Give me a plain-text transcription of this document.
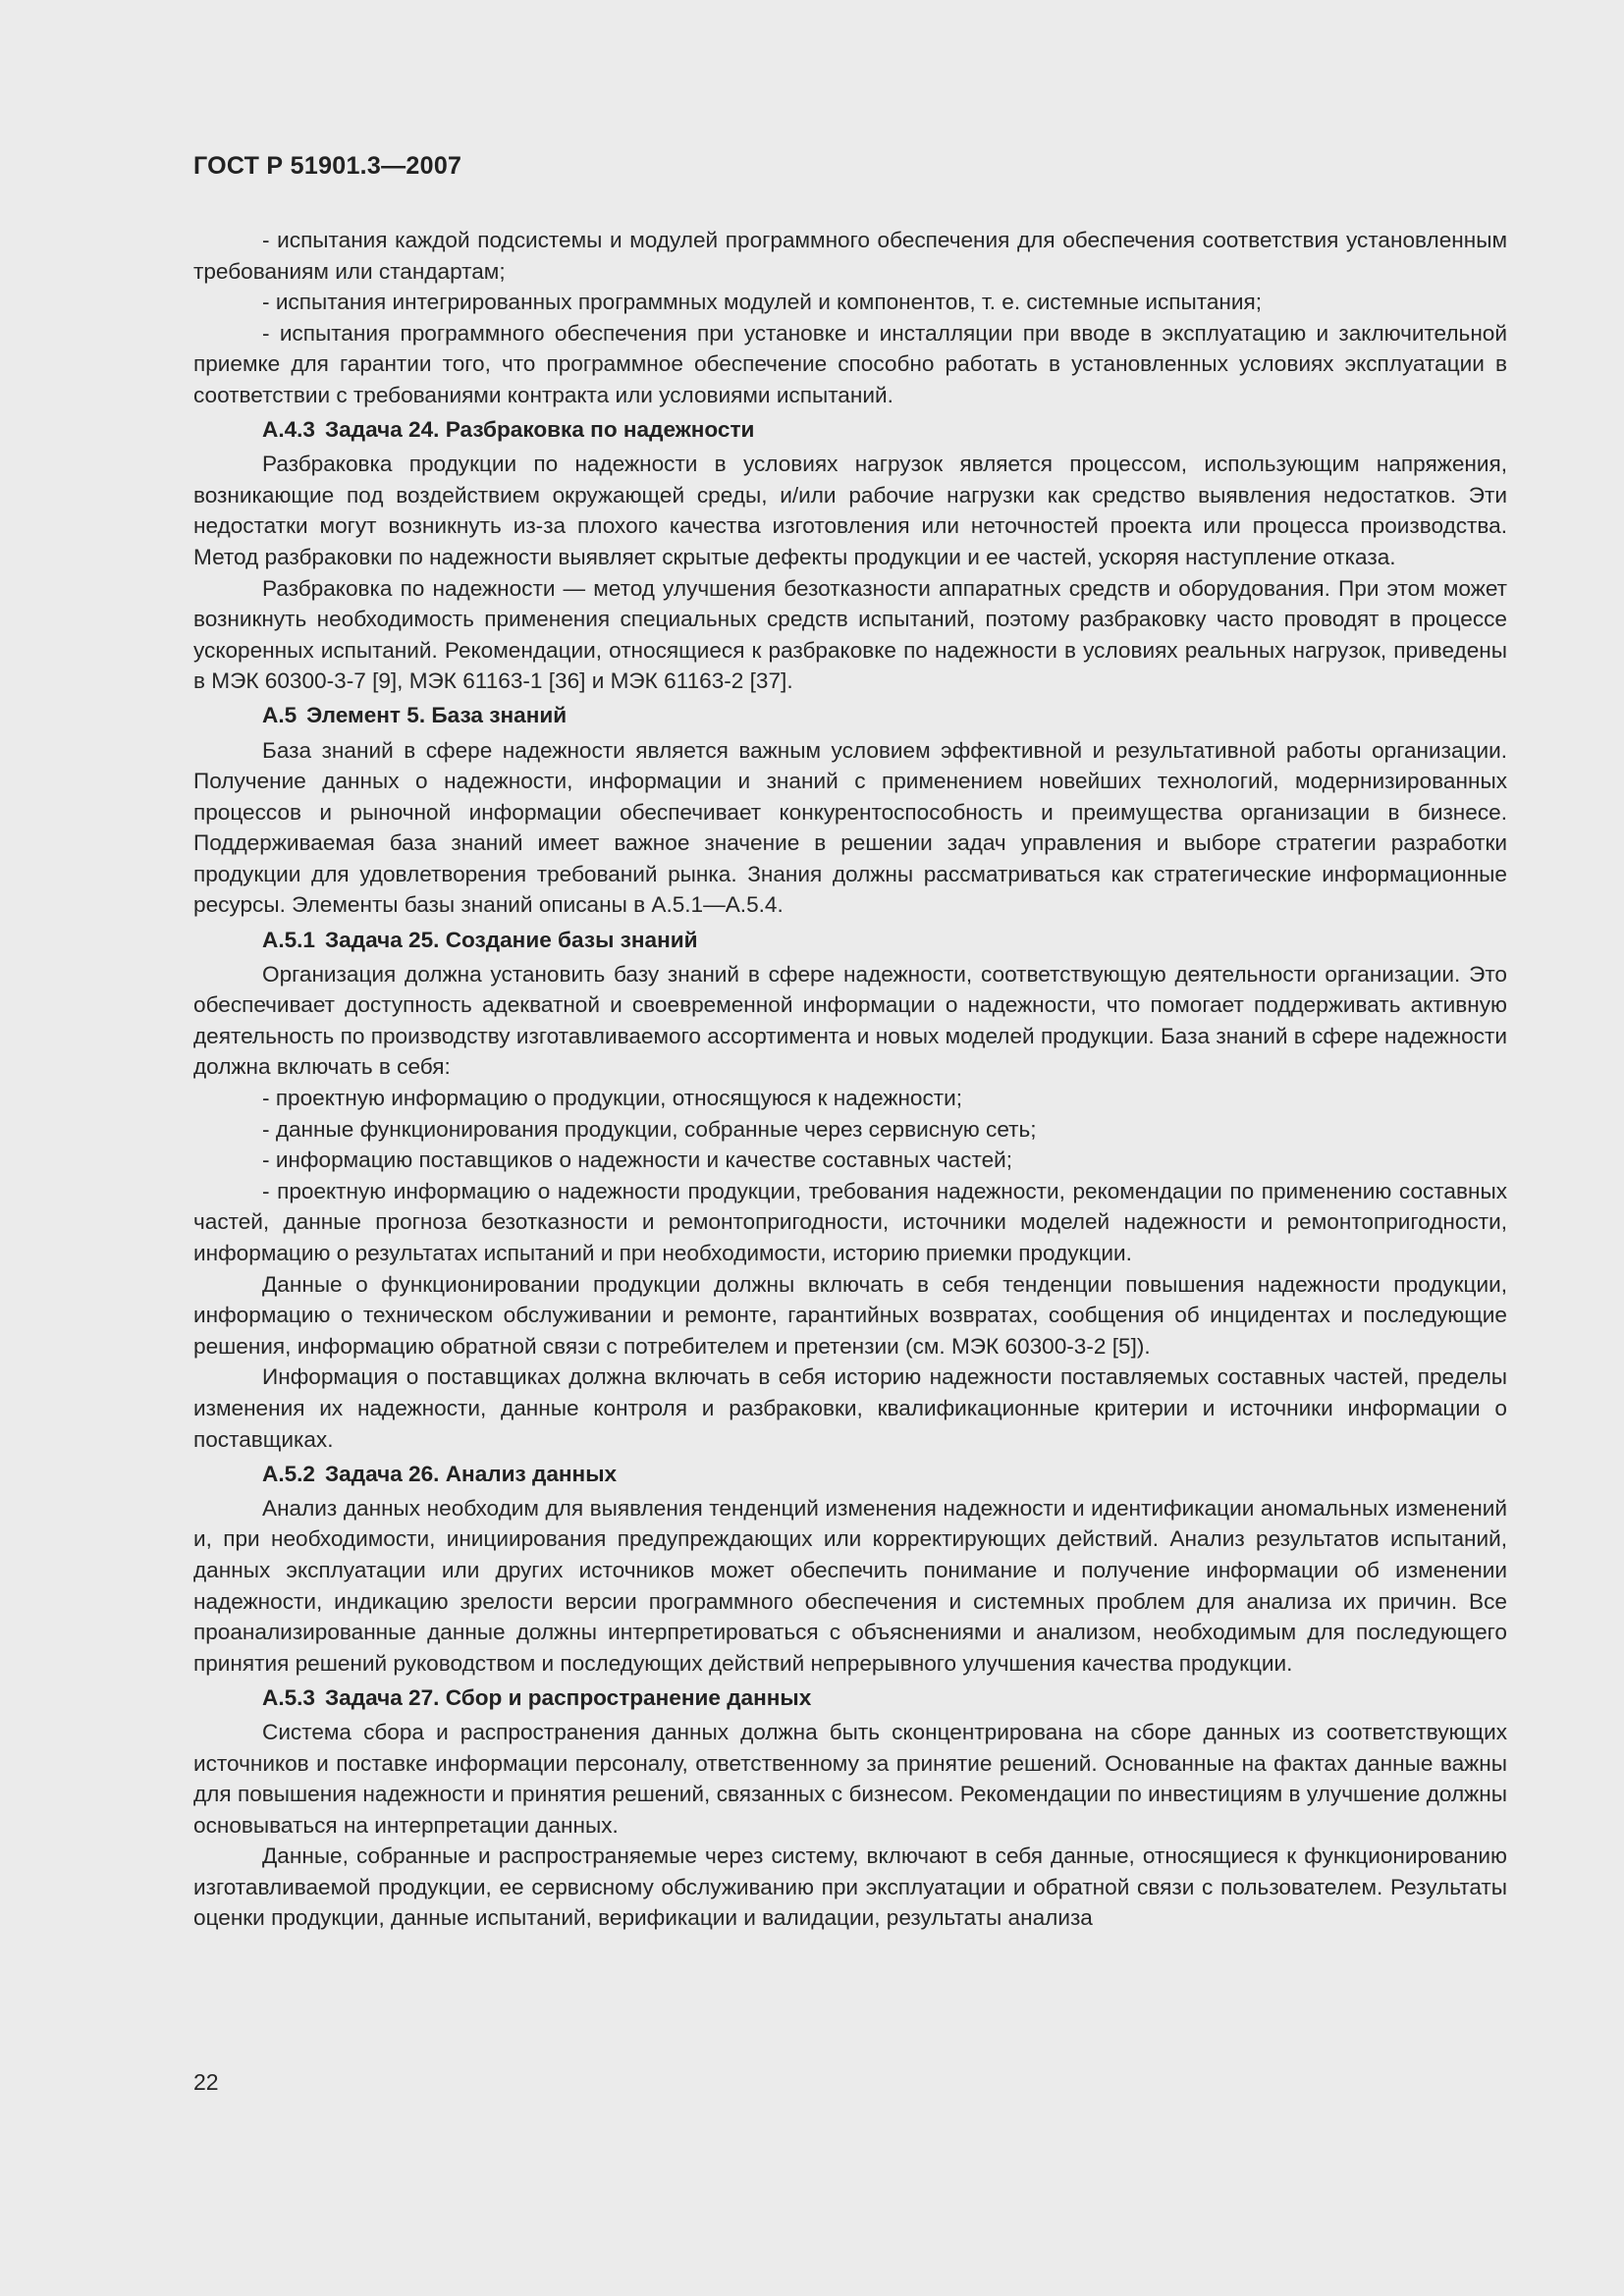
ГОСТ Р 51901.3—2007

- испытания каждой подсистемы и модулей программного обеспечения для обеспечения соответствия установленным требованиям или стандартам;

- испытания интегрированных программных модулей и компонентов, т. е. системные испытания;

- испытания программного обеспечения при установке и инсталляции при вводе в эксплуатацию и заключительной приемке для гарантии того, что программное обеспечение способно работать в установленных условиях эксплуатации в соответствии с требованиями контракта или условиями испытаний.

А.4.3 Задача 24. Разбраковка по надежности

Разбраковка продукции по надежности в условиях нагрузок является процессом, использующим напряжения, возникающие под воздействием окружающей среды, и/или рабочие нагрузки как средство выявления недостатков. Эти недостатки могут возникнуть из-за плохого качества изготовления или неточностей проекта или процесса производства. Метод разбраковки по надежности выявляет скрытые дефекты продукции и ее частей, ускоряя наступление отказа.

Разбраковка по надежности — метод улучшения безотказности аппаратных средств и оборудования. При этом может возникнуть необходимость применения специальных средств испытаний, поэтому разбраковку часто проводят в процессе ускоренных испытаний. Рекомендации, относящиеся к разбраковке по надежности в условиях реальных нагрузок, приведены в МЭК 60300-3-7 [9], МЭК 61163-1 [36] и МЭК 61163-2 [37].

А.5 Элемент 5. База знаний

База знаний в сфере надежности является важным условием эффективной и результативной работы организации. Получение данных о надежности, информации и знаний с применением новейших технологий, модернизированных процессов и рыночной информации обеспечивает конкурентоспособность и преимущества организации в бизнесе. Поддерживаемая база знаний имеет важное значение в решении задач управления и выборе стратегии разработки продукции для удовлетворения требований рынка. Знания должны рассматриваться как стратегические информационные ресурсы. Элементы базы знаний описаны в А.5.1—А.5.4.

А.5.1 Задача 25. Создание базы знаний

Организация должна установить базу знаний в сфере надежности, соответствующую деятельности организации. Это обеспечивает доступность адекватной и своевременной информации о надежности, что помогает поддерживать активную деятельность по производству изготавливаемого ассортимента и новых моделей продукции. База знаний в сфере надежности должна включать в себя:

- проектную информацию о продукции, относящуюся к надежности;

- данные функционирования продукции, собранные через сервисную сеть;

- информацию поставщиков о надежности и качестве составных частей;

- проектную информацию о надежности продукции, требования надежности, рекомендации по применению составных частей, данные прогноза безотказности и ремонтопригодности, источники моделей надежности и ремонтопригодности, информацию о результатах испытаний и при необходимости, историю приемки продукции.

Данные о функционировании продукции должны включать в себя тенденции повышения надежности продукции, информацию о техническом обслуживании и ремонте, гарантийных возвратах, сообщения об инцидентах и последующие решения, информацию обратной связи с потребителем и претензии (см. МЭК 60300-3-2 [5]).

Информация о поставщиках должна включать в себя историю надежности поставляемых составных частей, пределы изменения их надежности, данные контроля и разбраковки, квалификационные критерии и источники информации о поставщиках.

А.5.2 Задача 26. Анализ данных

Анализ данных необходим для выявления тенденций изменения надежности и идентификации аномальных изменений и, при необходимости, инициирования предупреждающих или корректирующих действий. Анализ результатов испытаний, данных эксплуатации или других источников может обеспечить понимание и получение информации об изменении надежности, индикацию зрелости версии программного обеспечения и системных проблем для анализа их причин. Все проанализированные данные должны интерпретироваться с объяснениями и анализом, необходимым для последующего принятия решений руководством и последующих действий непрерывного улучшения качества продукции.

А.5.3 Задача 27. Сбор и распространение данных

Система сбора и распространения данных должна быть сконцентрирована на сборе данных из соответствующих источников и поставке информации персоналу, ответственному за принятие решений. Основанные на фактах данные важны для повышения надежности и принятия решений, связанных с бизнесом. Рекомендации по инвестициям в улучшение должны основываться на интерпретации данных.

Данные, собранные и распространяемые через систему, включают в себя данные, относящиеся к функционированию изготавливаемой продукции, ее сервисному обслуживанию при эксплуатации и обратной связи с пользователем. Результаты оценки продукции, данные испытаний, верификации и валидации, результаты анализа

22
